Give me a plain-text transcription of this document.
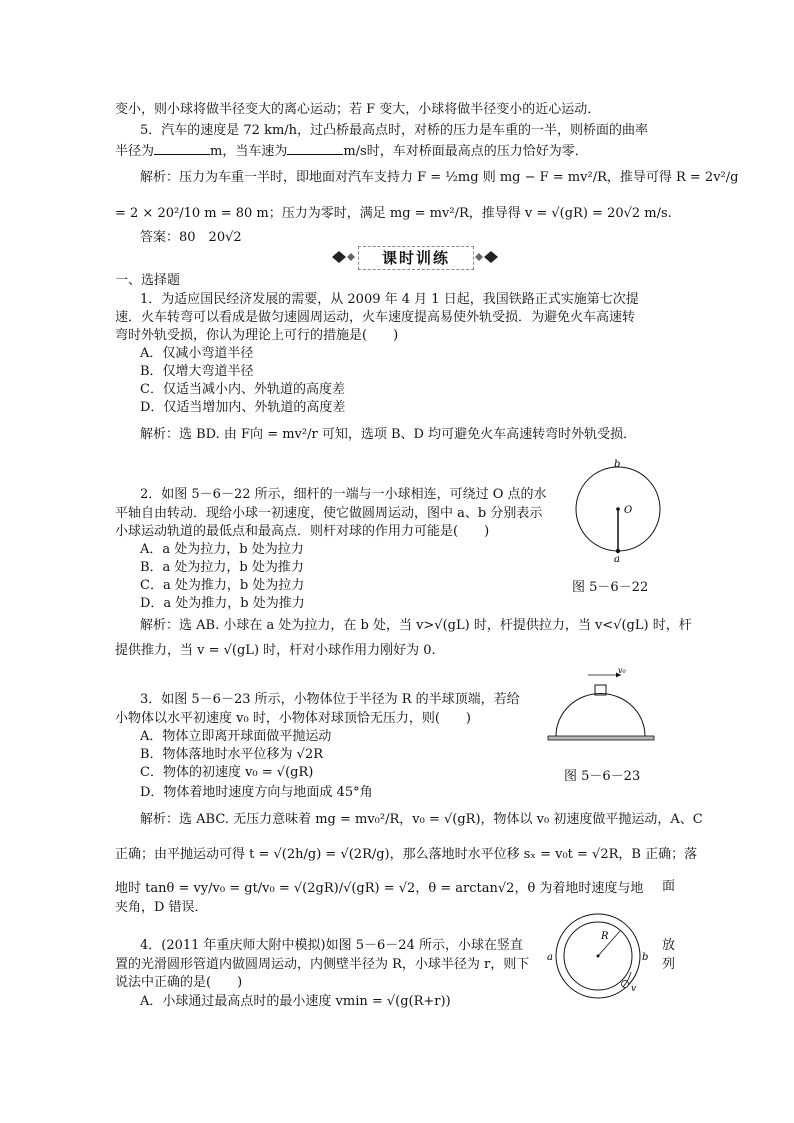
变小，则小球将做半径变大的离心运动；若 F 变大，小球将做半径变小的近心运动．
5．汽车的速度是 72 km/h，过凸桥最高点时，对桥的压力是车重的一半，则桥面的曲率
半径为	m，当车速为	m/s时，车对桥面最高点的压力恰好为零．
解析：压力为车重一半时，即地面对汽车支持力 F = ½mg 则 mg − F = mv²/R，推导可得 R = 2v²/g
= 2 × 20²/10 m = 80 m；压力为零时，满足 mg = mv²/R，推导得 v = √(gR) = 20√2 m/s.
答案：80　20√2
课时训练
一、选择题
1．为适应国民经济发展的需要，从 2009 年 4 月 1 日起，我国铁路正式实施第七次提
速．火车转弯可以看成是做匀速圆周运动，火车速度提高易使外轨受损．为避免火车高速转
弯时外轨受损，你认为理论上可行的措施是(　　)
A．仅减小弯道半径
B．仅增大弯道半径
C．仅适当减小内、外轨道的高度差
D．仅适当增加内、外轨道的高度差
解析：选 BD. 由 F向 = mv²/r 可知，选项 B、D 均可避免火车高速转弯时外轨受损．
2．如图 5－6－22 所示，细杆的一端与一小球相连，可绕过 O 点的水
平轴自由转动．现给小球一初速度，使它做圆周运动，图中 a、b 分别表示
小球运动轨道的最低点和最高点．则杆对球的作用力可能是(　　)
A．a 处为拉力，b 处为拉力
B．a 处为拉力，b 处为推力
C．a 处为推力，b 处为拉力
D．a 处为推力，b 处为推力
b
O
a
图 5－6－22
解析：选 AB. 小球在 a 处为拉力，在 b 处，当 v>√(gL) 时，杆提供拉力，当 v<√(gL) 时，杆
提供推力，当 v = √(gL) 时，杆对小球作用力刚好为 0.
3．如图 5－6－23 所示，小物体位于半径为 R 的半球顶端，若给
小物体以水平初速度 v₀ 时，小物体对球顶恰无压力，则(　　)
A．物体立即离开球面做平抛运动
B．物体落地时水平位移为 √2R
C．物体的初速度 v₀ = √(gR)
D．物体着地时速度方向与地面成 45°角
v₀
图 5－6－23
解析：选 ABC. 无压力意味着 mg = mv₀²/R，v₀ = √(gR)，物体以 v₀ 初速度做平抛运动，A、C
正确；由平抛运动可得 t = √(2h/g) = √(2R/g)，那么落地时水平位移 sₓ = v₀t = √2R，B 正确；落
地时 tanθ = vy/v₀ = gt/v₀ = √(2gR)/√(gR) = √2，θ = arctan√2，θ 为着地时速度与地 面
夹角，D 错误．
4．(2011 年重庆师大附中模拟)如图 5－6－24 所示，小球在竖直	放
置的光滑圆形管道内做圆周运动，内侧壁半径为 R，小球半径为 r，则下	列
说法中正确的是(　　)
A．小球通过最高点时的最小速度 vmin = √(g(R+r))
R
a	b
v
